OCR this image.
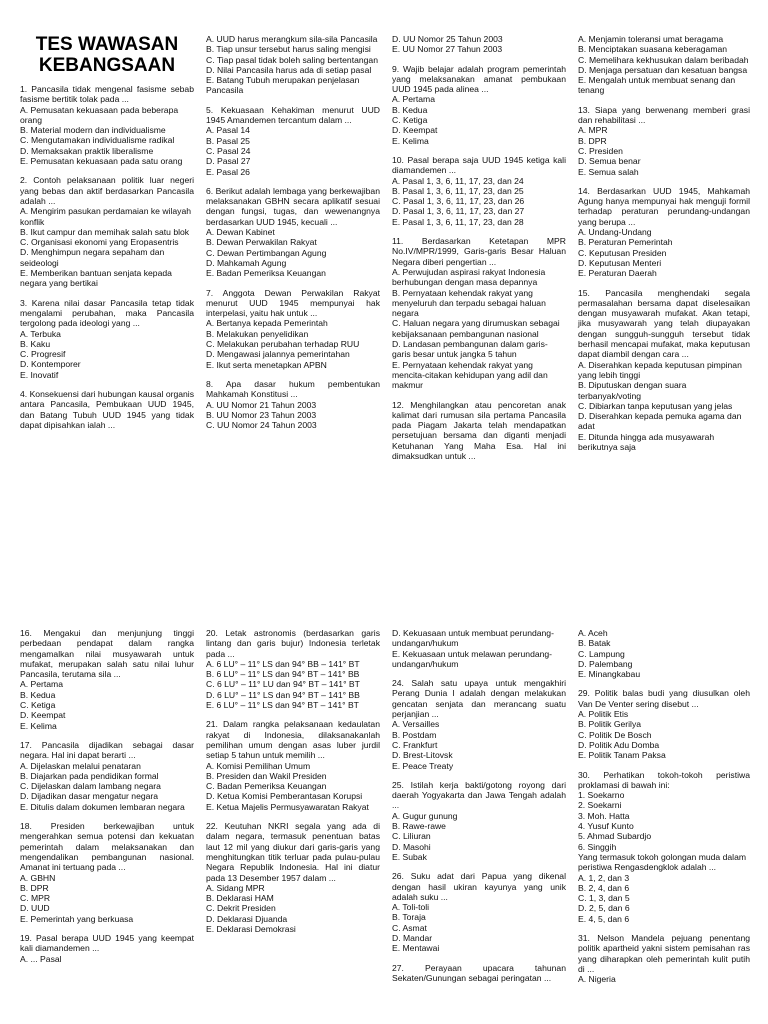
TES WAWASAN KEBANGSAAN
1. Pancasila tidak mengenal fasisme sebab fasisme bertitik tolak pada ...
A. Pemusatan kekuasaan pada beberapa orang
B. Material modern dan individualisme
C. Mengutamakan individualisme radikal
D. Memaksakan praktik liberalisme
E. Pemusatan kekuasaan pada satu orang
2. Contoh pelaksanaan politik luar negeri yang bebas dan aktif berdasarkan Pancasila adalah ...
A. Mengirim pasukan perdamaian ke wilayah konflik
B. Ikut campur dan memihak salah satu blok
C. Organisasi ekonomi yang Eropasentris
D. Menghimpun negara sepaham dan seideologi
E. Memberikan bantuan senjata kepada negara yang bertikai
3. Karena nilai dasar Pancasila tetap tidak mengalami perubahan, maka Pancasila tergolong pada ideologi yang ...
A. Terbuka
B. Kaku
C. Progresif
D. Kontemporer
E. Inovatif
4. Konsekuensi dari hubungan kausal organis antara Pancasila, Pembukaan UUD 1945, dan Batang Tubuh UUD 1945 yang tidak dapat dipisahkan ialah ...
A. UUD harus merangkum sila-sila Pancasila
B. Tiap unsur tersebut harus saling mengisi
C. Tiap pasal tidak boleh saling bertentangan
D. Nilai Pancasila harus ada di setiap pasal
E. Batang Tubuh merupakan penjelasan Pancasila
5. Kekuasaan Kehakiman menurut UUD 1945 Amandemen tercantum dalam ...
A. Pasal 14
B. Pasal 25
C. Pasal 24
D. Pasal 27
E. Pasal 26
6. Berikut adalah lembaga yang berkewajiban melaksanakan GBHN secara aplikatif sesuai dengan fungsi, tugas, dan wewenangnya berdasarkan UUD 1945, kecuali ...
A. Dewan Kabinet
B. Dewan Perwakilan Rakyat
C. Dewan Pertimbangan Agung
D. Mahkamah Agung
E. Badan Pemeriksa Keuangan
7. Anggota Dewan Perwakilan Rakyat menurut UUD 1945 mempunyai hak interpelasi, yaitu hak untuk ...
A. Bertanya kepada Pemerintah
B. Melakukan penyelidikan
C. Melakukan perubahan terhadap RUU
D. Mengawasi jalannya pemerintahan
E. Ikut serta menetapkan APBN
8. Apa dasar hukum pembentukan Mahkamah Konstitusi ...
A. UU Nomor 21 Tahun 2003
B. UU Nomor 23 Tahun 2003
C. UU Nomor 24 Tahun 2003
D. UU Nomor 25 Tahun 2003
E. UU Nomor 27 Tahun 2003
9. Wajib belajar adalah program pemerintah yang melaksanakan amanat pembukaan UUD 1945 pada alinea ...
A. Pertama
B. Kedua
C. Ketiga
D. Keempat
E. Kelima
10. Pasal berapa saja UUD 1945 ketiga kali diamandemen ...
A. Pasal 1, 3, 6, 11, 17, 23, dan 24
B. Pasal 1, 3, 6, 11, 17, 23, dan 25
C. Pasal 1, 3, 6, 11, 17, 23, dan 26
D. Pasal 1, 3, 6, 11, 17, 23, dan 27
E. Pasal 1, 3, 6, 11, 17, 23, dan 28
11. Berdasarkan Ketetapan MPR No.IV/MPR/1999, Garis-garis Besar Haluan Negara diberi pengertian ...
A. Perwujudan aspirasi rakyat Indonesia berhubungan dengan masa depannya
B. Pernyataan kehendak rakyat yang menyeluruh dan terpadu sebagai haluan negara
C. Haluan negara yang dirumuskan sebagai kebijaksanaan pembangunan nasional
D. Landasan pembangunan dalam garis-garis besar untuk jangka 5 tahun
E. Pernyataan kehendak rakyat yang mencita-citakan kehidupan yang adil dan makmur
12. Menghilangkan atau pencoretan anak kalimat dari rumusan sila pertama Pancasila pada Piagam Jakarta telah mendapatkan persetujuan bersama dan diganti menjadi Ketuhanan Yang Maha Esa. Hal ini dimaksudkan untuk ...
A. Menjamin toleransi umat beragama
B. Menciptakan suasana keberagaman
C. Memelihara kekhusukan dalam beribadah
D. Menjaga persatuan dan kesatuan bangsa
E. Mengalah untuk membuat senang dan tenang
13. Siapa yang berwenang memberi grasi dan rehabilitasi ...
A. MPR
B. DPR
C. Presiden
D. Semua benar
E. Semua salah
14. Berdasarkan UUD 1945, Mahkamah Agung hanya mempunyai hak menguji formil terhadap peraturan perundang-undangan yang berupa ...
A. Undang-Undang
B. Peraturan Pemerintah
C. Keputusan Presiden
D. Keputusan Menteri
E. Peraturan Daerah
15. Pancasila menghendaki segala permasalahan bersama dapat diselesaikan dengan musyawarah mufakat. Akan tetapi, jika musyawarah yang telah diupayakan dengan sungguh-sungguh tersebut tidak berhasil mencapai mufakat, maka keputusan dapat diambil dengan cara ...
A. Diserahkan kepada keputusan pimpinan yang lebih tinggi
B. Diputuskan dengan suara terbanyak/voting
C. Dibiarkan tanpa keputusan yang jelas
D. Diserahkan kepada pemuka agama dan adat
E. Ditunda hingga ada musyawarah berikutnya saja
16. Mengakui dan menjunjung tinggi perbedaan pendapat dalam rangka mengamalkan nilai musyawarah untuk mufakat, merupakan salah satu nilai luhur Pancasila, terutama sila ...
A. Pertama
B. Kedua
C. Ketiga
D. Keempat
E. Kelima
17. Pancasila dijadikan sebagai dasar negara. Hal ini dapat berarti ...
A. Dijelaskan melalui penataran
B. Diajarkan pada pendidikan formal
C. Dijelaskan dalam lambang negara
D. Dijadikan dasar mengatur negara
E. Ditulis dalam dokumen lembaran negara
18. Presiden berkewajiban untuk mengerahkan semua potensi dan kekuatan pemerintah dalam melaksanakan dan mengendalikan pembangunan nasional. Amanat ini tertuang pada ...
A. GBHN
B. DPR
C. MPR
D. UUD
E. Pemerintah yang berkuasa
19. Pasal berapa UUD 1945 yang keempat kali diamandemen ...
A. ... Pasal
20. Letak astronomis (berdasarkan garis lintang dan garis bujur) Indonesia terletak pada ...
A. 6 LU° – 11° LS dan 94° BB – 141° BT
B. 6 LU° – 11° LS dan 94° BT – 141° BB
C. 6 LU° – 11° LU dan 94° BT – 141° BT
D. 6 LU° – 11° LS dan 94° BT – 141° BB
E. 6 LU° – 11° LS dan 94° BT – 141° BT
21. Dalam rangka pelaksanaan kedaulatan rakyat di Indonesia, dilaksanakanlah pemilihan umum dengan asas luber jurdil setiap 5 tahun untuk memilih ...
A. Komisi Pemilihan Umum
B. Presiden dan Wakil Presiden
C. Badan Pemeriksa Keuangan
D. Ketua Komisi Pemberantasan Korupsi
E. Ketua Majelis Permusyawaratan Rakyat
22. Keutuhan NKRI segala yang ada di dalam negara, termasuk penentuan batas laut 12 mil yang diukur dari garis-garis yang menghitungkan titik terluar pada pulau-pulau Negara Republik Indonesia. Hal ini diatur pada 13 Desember 1957 dalam ...
A. Sidang MPR
B. Deklarasi HAM
C. Dekrit Presiden
D. Deklarasi Djuanda
E. Deklarasi Demokrasi
D. Kekuasaan untuk membuat perundang-undangan/hukum
E. Kekuasaan untuk melawan perundang-undangan/hukum
24. Salah satu upaya untuk mengakhiri Perang Dunia I adalah dengan melakukan gencatan senjata dan merancang suatu perjanjian ...
A. Versailles
B. Postdam
C. Frankfurt
D. Brest-Litovsk
E. Peace Treaty
25. Istilah kerja bakti/gotong royong dari daerah Yogyakarta dan Jawa Tengah adalah ...
A. Gugur gunung
B. Rawe-rawe
C. Liliuran
D. Masohi
E. Subak
26. Suku adat dari Papua yang dikenal dengan hasil ukiran kayunya yang unik adalah suku ...
A. Toli-toli
B. Toraja
C. Asmat
D. Mandar
E. Mentawai
27. Perayaan upacara tahunan Sekaten/Gunungan sebagai peringatan ...
A. Aceh
B. Batak
C. Lampung
D. Palembang
E. Minangkabau
29. Politik balas budi yang diusulkan oleh Van De Venter sering disebut ...
A. Politik Etis
B. Politik Gerilya
C. Politik De Bosch
D. Politik Adu Domba
E. Politik Tanam Paksa
30. Perhatikan tokoh-tokoh peristiwa proklamasi di bawah ini:
1. Soekarno
2. Soekarni
3. Moh. Hatta
4. Yusuf Kunto
5. Ahmad Subardjo
6. Singgih
Yang termasuk tokoh golongan muda dalam peristiwa Rengasdengklok adalah ...
A. 1, 2, dan 3
B. 2, 4, dan 6
C. 1, 3, dan 5
D. 2, 5, dan 6
E. 4, 5, dan 6
31. Nelson Mandela pejuang penentang politik apartheid yakni sistem pemisahan ras yang diharapkan oleh pemerintah kulit putih di ...
A. Nigeria
